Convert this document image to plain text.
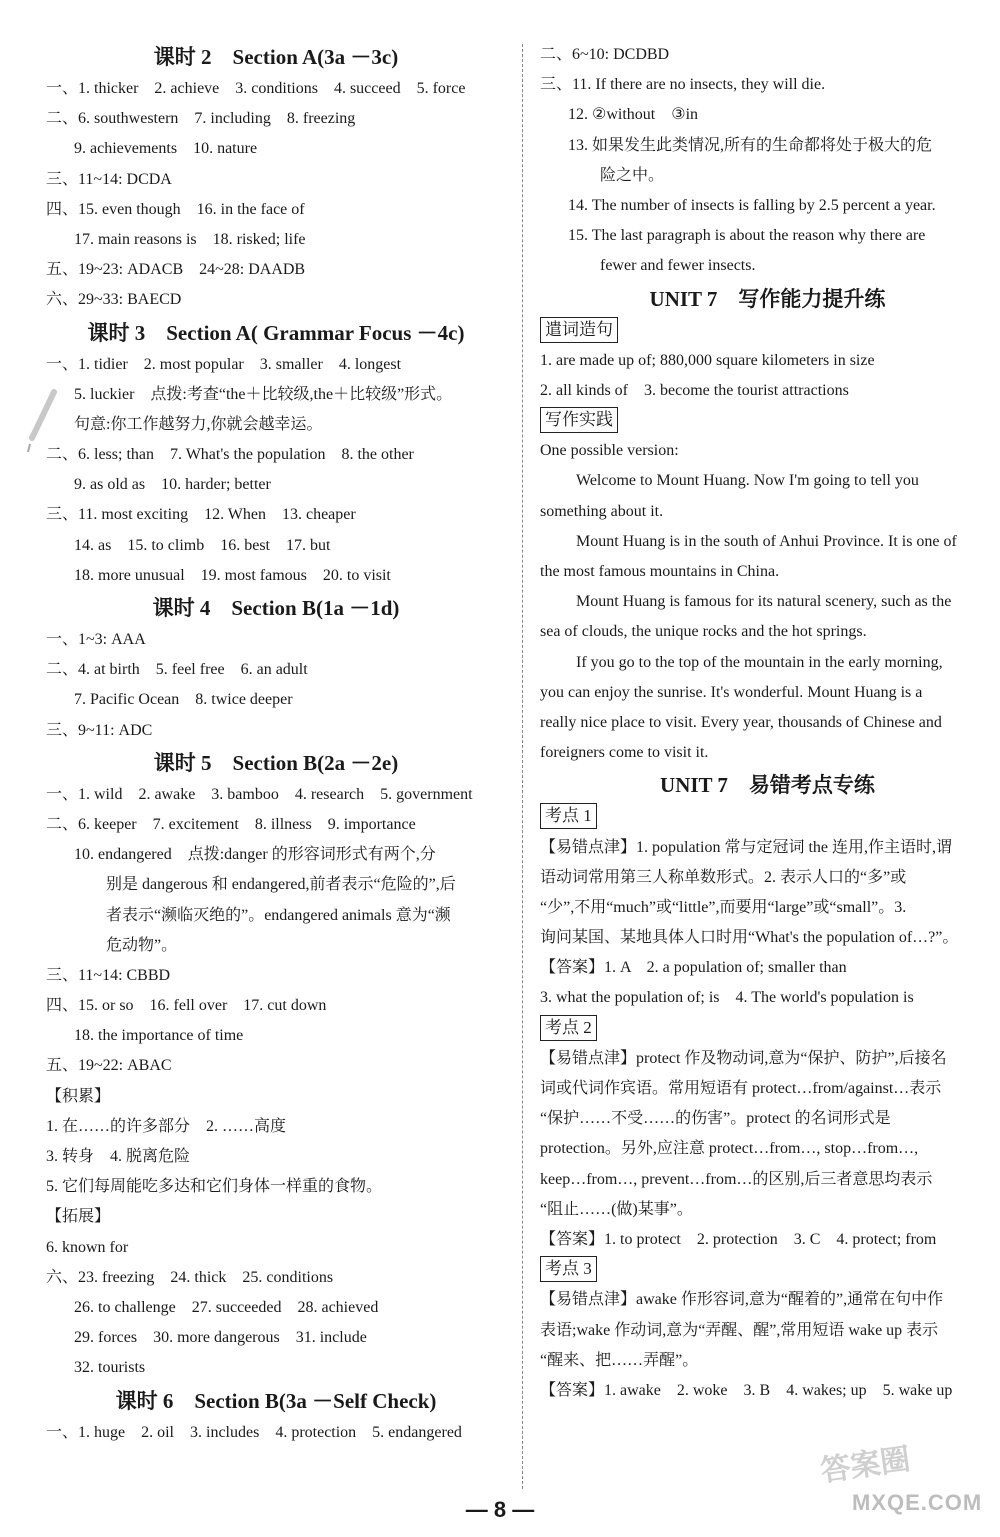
课时 2　Section A(3a －3c)
一、1. thicker　2. achieve　3. conditions　4. succeed　5. force
二、6. southwestern　7. including　8. freezing
9. achievements　10. nature
三、11~14: DCDA
四、15. even though　16. in the face of
17. main reasons is　18. risked; life
五、19~23: ADACB　24~28: DAADB
六、29~33: BAECD
课时 3　Section A( Grammar Focus －4c)
一、1. tidier　2. most popular　3. smaller　4. longest
5. luckier　点拨:考查“the＋比较级,the＋比较级”形式。
句意:你工作越努力,你就会越幸运。
二、6. less; than　7. What's the population　8. the other
9. as old as　10. harder; better
三、11. most exciting　12. When　13. cheaper
14. as　15. to climb　16. best　17. but
18. more unusual　19. most famous　20. to visit
课时 4　Section B(1a －1d)
一、1~3: AAA
二、4. at birth　5. feel free　6. an adult
7. Pacific Ocean　8. twice deeper
三、9~11: ADC
课时 5　Section B(2a －2e)
一、1. wild　2. awake　3. bamboo　4. research　5. government
二、6. keeper　7. excitement　8. illness　9. importance
10. endangered　点拨:danger 的形容词形式有两个,分
别是 dangerous 和 endangered,前者表示“危险的”,后
者表示“濒临灭绝的”。endangered animals 意为“濒
危动物”。
三、11~14: CBBD
四、15. or so　16. fell over　17. cut down
18. the importance of time
五、19~22: ABAC
【积累】
1. 在……的许多部分　2. ……高度
3. 转身　4. 脱离危险
5. 它们每周能吃多达和它们身体一样重的食物。
【拓展】
6. known for
六、23. freezing　24. thick　25. conditions
26. to challenge　27. succeeded　28. achieved
29. forces　30. more dangerous　31. include
32. tourists
课时 6　Section B(3a －Self Check)
一、1. huge　2. oil　3. includes　4. protection　5. endangered
二、6~10: DCDBD
三、11. If there are no insects, they will die.
12. ②without　③in
13. 如果发生此类情况,所有的生命都将处于极大的危
险之中。
14. The number of insects is falling by 2.5 percent a year.
15. The last paragraph is about the reason why there are
fewer and fewer insects.
UNIT 7　写作能力提升练
遣词造句
1. are made up of; 880,000 square kilometers in size
2. all kinds of　3. become the tourist attractions
写作实践
One possible version:
Welcome to Mount Huang. Now I'm going to tell you
something about it.
Mount Huang is in the south of Anhui Province. It is one of
the most famous mountains in China.
Mount Huang is famous for its natural scenery, such as the
sea of clouds, the unique rocks and the hot springs.
If you go to the top of the mountain in the early morning,
you can enjoy the sunrise. It's wonderful. Mount Huang is a
really nice place to visit. Every year, thousands of Chinese and
foreigners come to visit it.
UNIT 7　易错考点专练
考点 1
【易错点津】1. population 常与定冠词 the 连用,作主语时,谓
语动词常用第三人称单数形式。2. 表示人口的“多”或
“少”,不用“much”或“little”,而要用“large”或“small”。3.
询问某国、某地具体人口时用“What's the population of…?”。
【答案】1. A　2. a population of; smaller than
3. what the population of; is　4. The world's population is
考点 2
【易错点津】protect 作及物动词,意为“保护、防护”,后接名
词或代词作宾语。常用短语有 protect…from/against…表示
“保护……不受……的伤害”。protect 的名词形式是
protection。另外,应注意 protect…from…, stop…from…,
keep…from…, prevent…from…的区别,后三者意思均表示
“阻止……(做)某事”。
【答案】1. to protect　2. protection　3. C　4. protect; from
考点 3
【易错点津】awake 作形容词,意为“醒着的”,通常在句中作
表语;wake 作动词,意为“弄醒、醒”,常用短语 wake up 表示
“醒来、把……弄醒”。
【答案】1. awake　2. woke　3. B　4. wakes; up　5. wake up
— 8 —
答案圈
MXQE.COM
